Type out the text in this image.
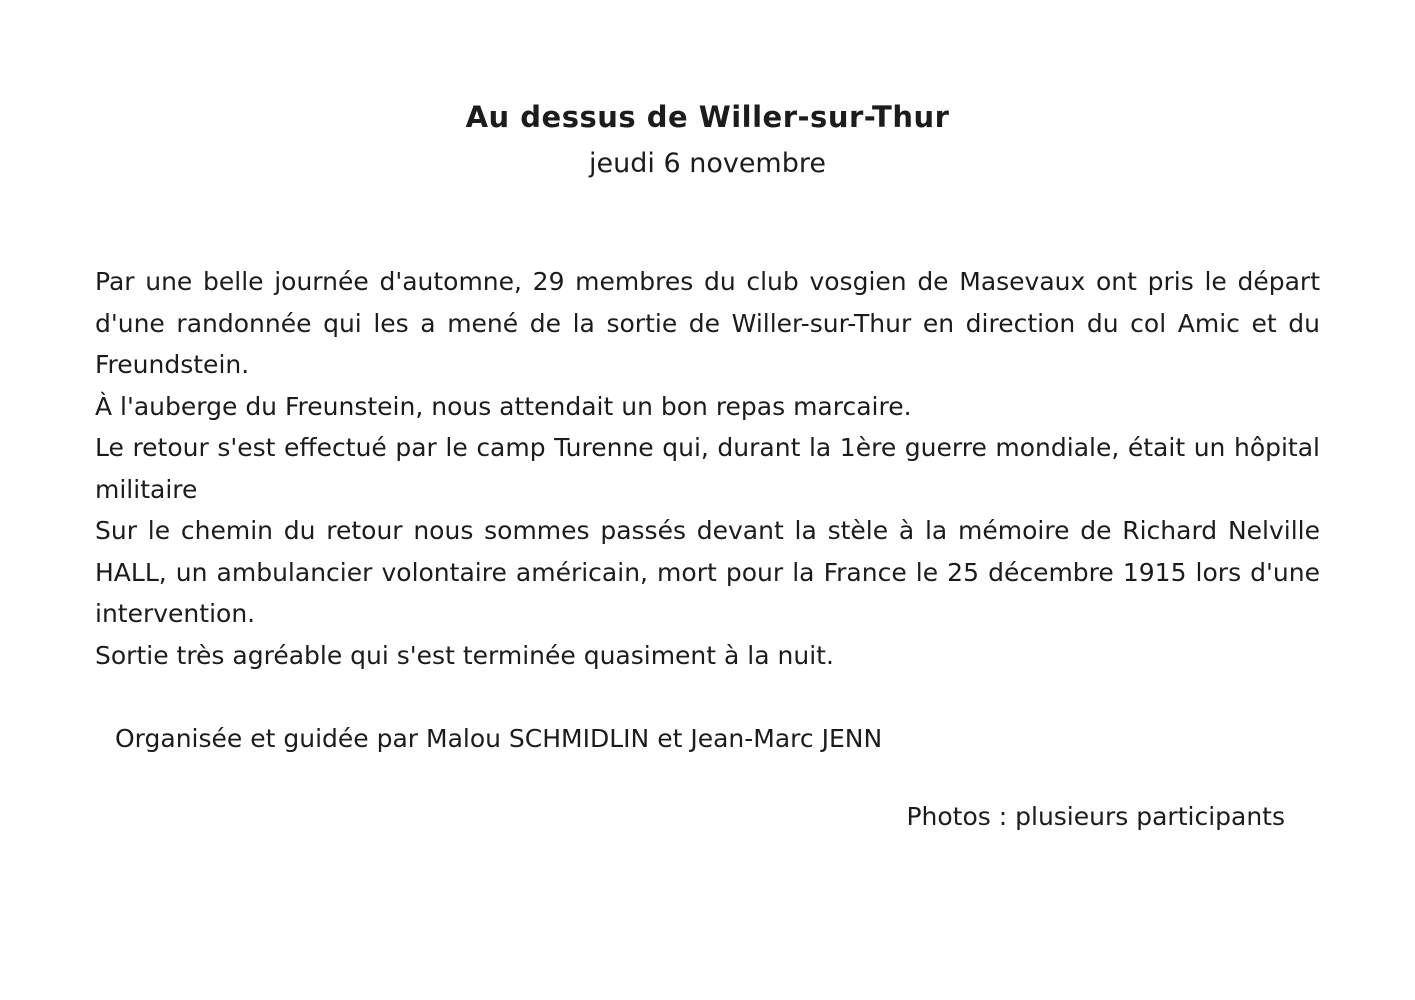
Au dessus de Willer-sur-Thur
jeudi 6 novembre

Par une belle journée d'automne, 29 membres du club vosgien de Masevaux ont pris le départ d'une randonnée qui les a mené de la sortie de Willer-sur-Thur en direction du col Amic et du Freundstein.

À l'auberge du Freunstein, nous attendait un bon repas marcaire.

Le retour s'est effectué par le camp Turenne qui, durant la 1ère guerre mondiale, était un hôpital militaire

Sur le chemin du retour nous sommes passés devant la stèle à la mémoire de Richard Nelville HALL, un ambulancier volontaire américain, mort pour la France le 25 décembre 1915 lors d'une intervention.

Sortie très agréable qui s'est terminée quasiment à la nuit.

Organisée et guidée par Malou SCHMIDLIN et Jean-Marc JENN
Photos : plusieurs participants
